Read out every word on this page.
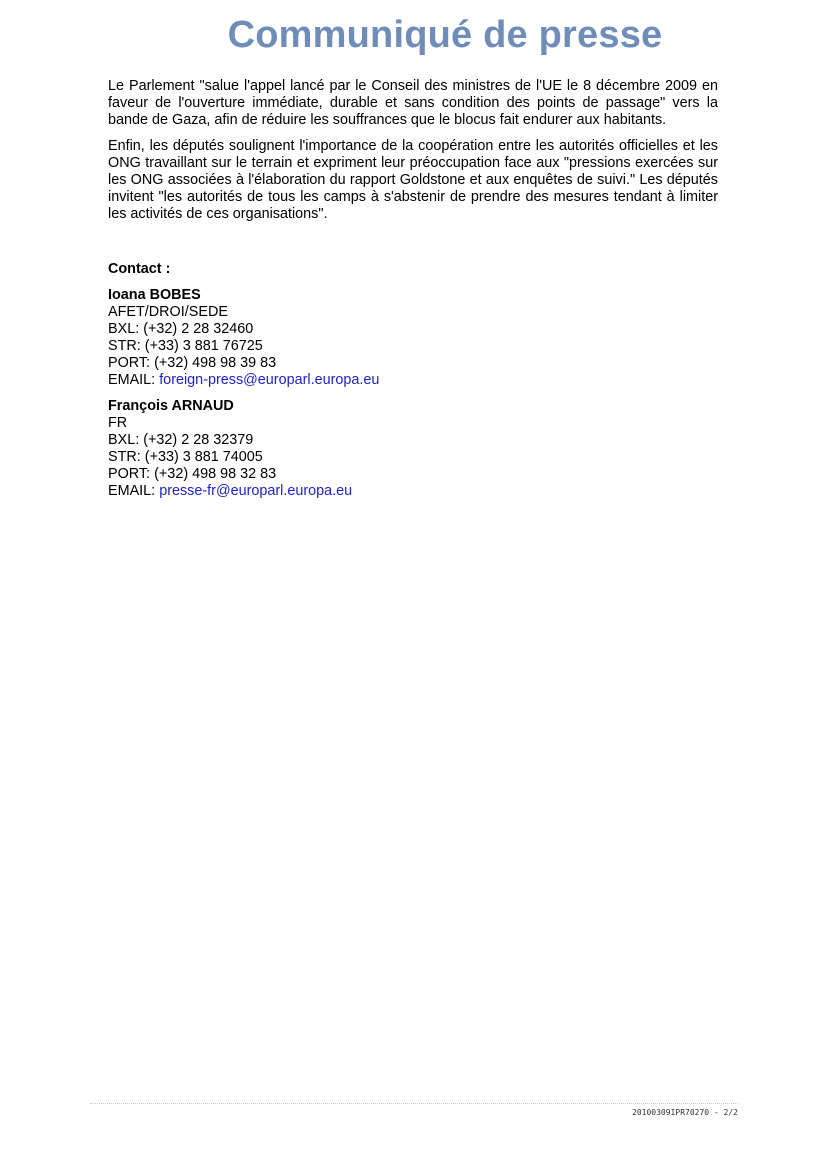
Communiqué de presse

Le Parlement "salue l'appel lancé par le Conseil des ministres de l'UE le 8 décembre 2009 en faveur de l'ouverture immédiate, durable et sans condition des points de passage" vers la bande de Gaza, afin de réduire les souffrances que le blocus fait endurer aux habitants.

Enfin, les députés soulignent l'importance de la coopération entre les autorités officielles et les ONG travaillant sur le terrain et expriment leur préoccupation face aux "pressions exercées sur les ONG associées à l'élaboration du rapport Goldstone et aux enquêtes de suivi." Les députés invitent "les autorités de tous les camps à s'abstenir de prendre des mesures tendant à limiter les activités de ces organisations".

Contact :
Ioana BOBES
AFET/DROI/SEDE
BXL: (+32) 2 28 32460
STR: (+33) 3 881 76725
PORT: (+32) 498 98 39 83
EMAIL: foreign-press@europarl.europa.eu
François ARNAUD
FR
BXL: (+32) 2 28 32379
STR: (+33) 3 881 74005
PORT: (+32) 498 98 32 83
EMAIL: presse-fr@europarl.europa.eu
20100309IPR70270 - 2/2
